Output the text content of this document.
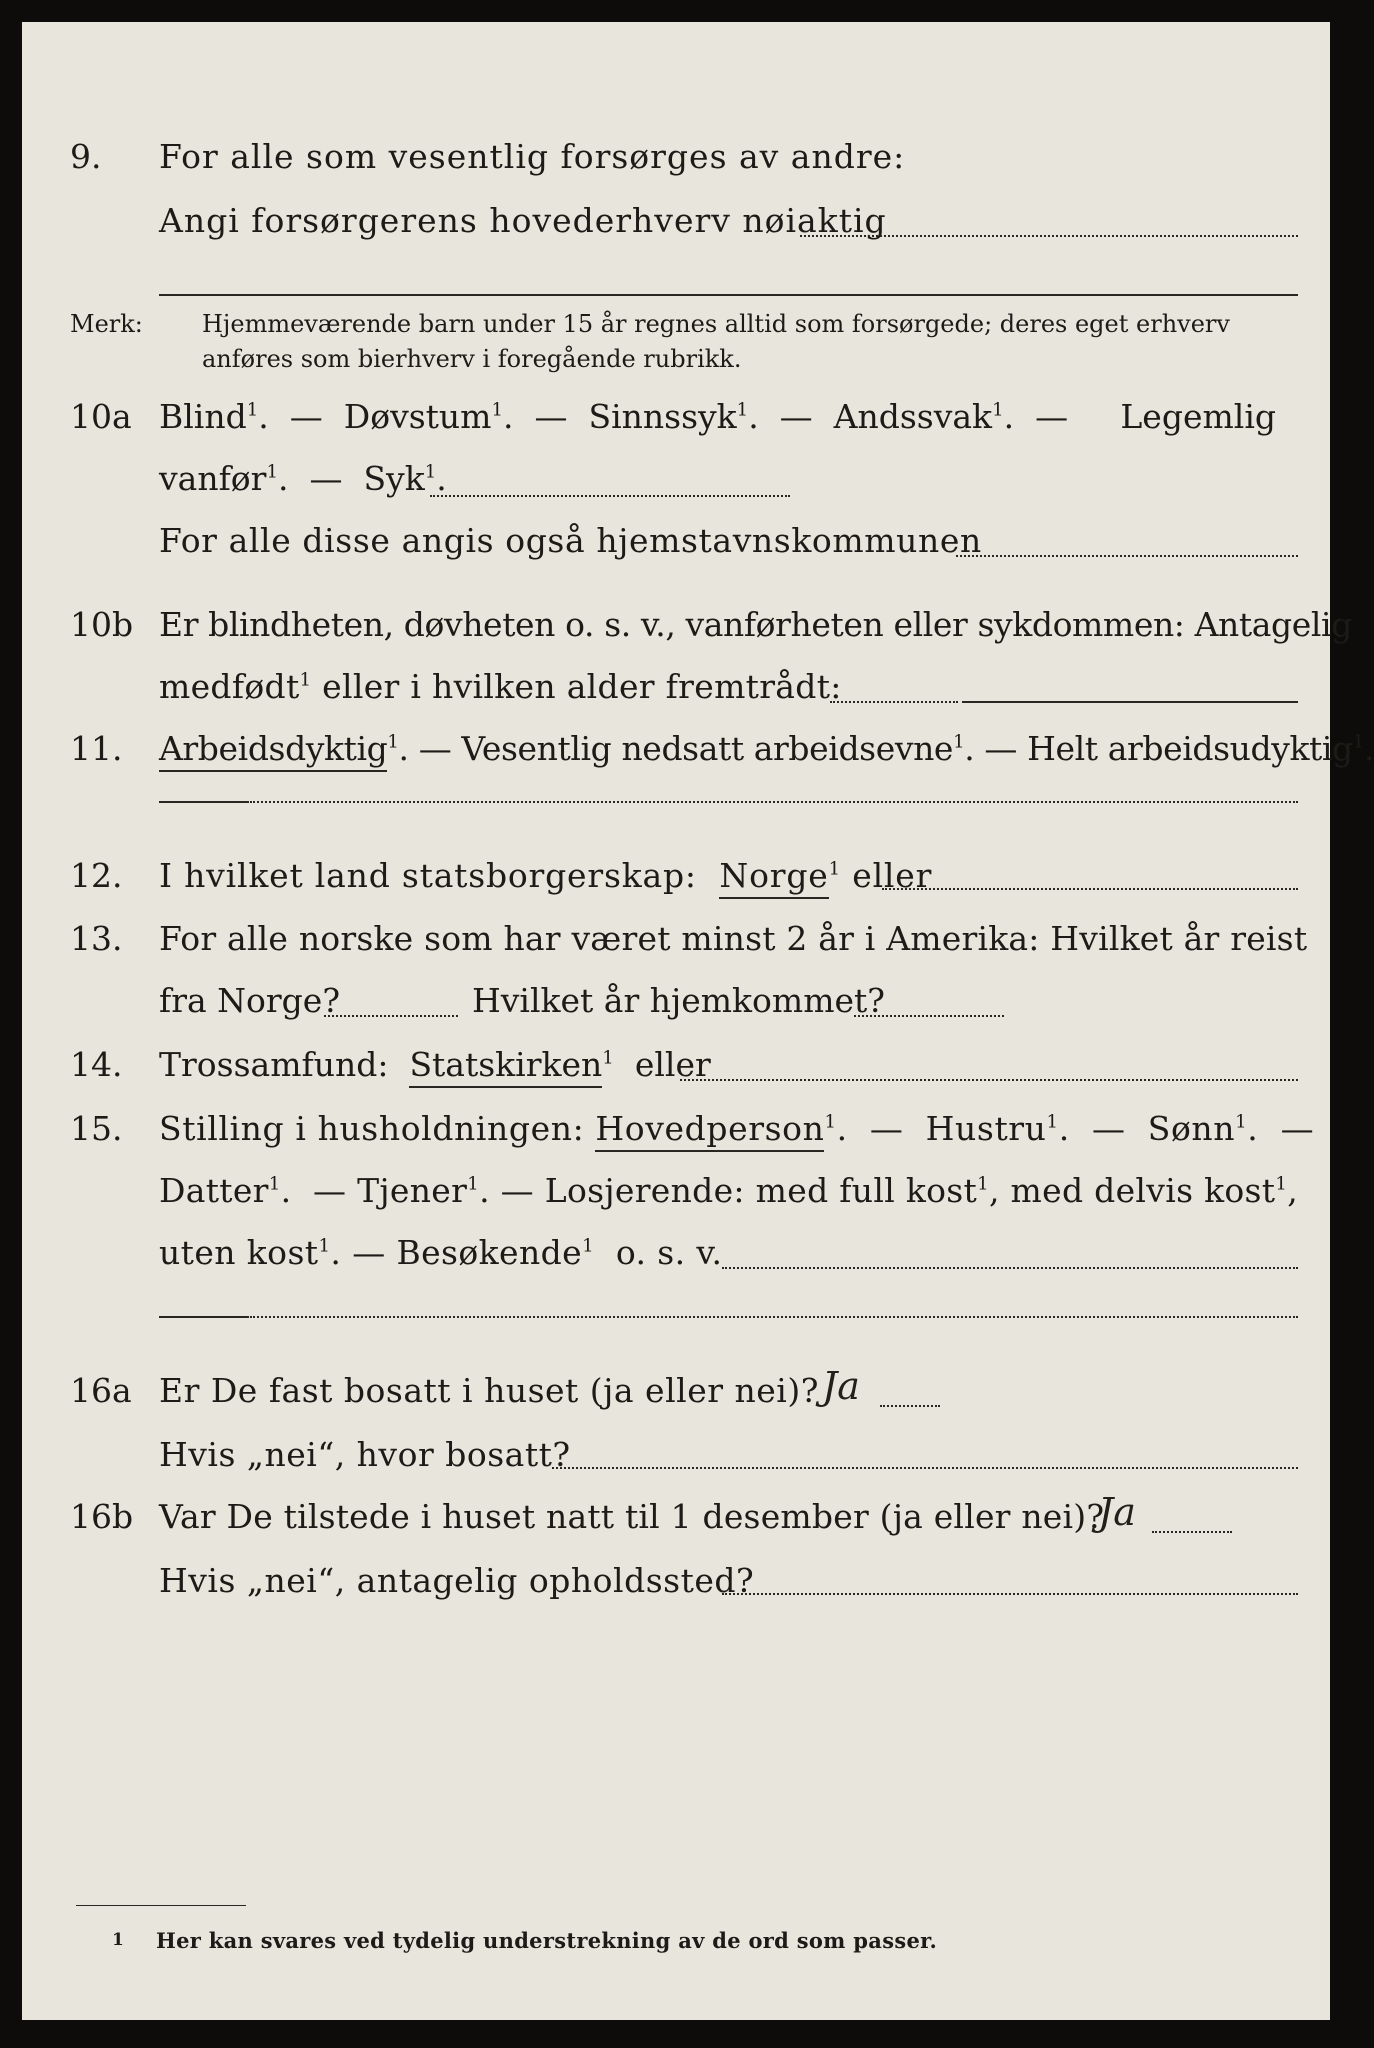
9. For alle som vesentlig forsørges av andre:
Angi forsørgerens hovederhverv nøiaktig
Merk: Hjemmeværende barn under 15 år regnes alltid som forsørgede; deres eget erhverv
anføres som bierhverv i foregående rubrikk.
10a Blind$^1$.  —  Døvstum$^1$.  —  Sinnssyk$^1$.  —  Andssvak$^1$.  — Legemlig
vanfør$^1$.  —  Syk$^1$.
For alle disse angis også hjemstavnskommunen
10b Er blindheten, døvheten o. s. v., vanførheten eller sykdommen: Antagelig
medfødt$^1$ eller i hvilken alder fremtrådt:
11. Arbeidsdyktig$^1$. — Vesentlig nedsatt arbeidsevne$^1$. — Helt arbeidsudyktig$^1$.
12. I hvilket land statsborgerskap: Norge$^1$ eller
13. For alle norske som har været minst 2 år i Amerika: Hvilket år reist
fra Norge?	Hvilket år hjemkommet?
14. Trossamfund: Statskirken$^1$ eller
15. Stilling i husholdningen: Hovedperson$^1$.  —  Hustru$^1$.  —  Sønn$^1$.  —
Datter$^1$.  — Tjener$^1$. — Losjerende: med full kost$^1$, med delvis kost$^1$,
uten kost$^1$. — Besøkende$^1$ o. s. v.
16a Er De fast bosatt i huset (ja eller nei)? Ja
Hvis „nei“, hvor bosatt?
16b Var De tilstede i huset natt til 1 desember (ja eller nei)?
Ja
Hvis „nei“, antagelig opholdssted?
1 Her kan svares ved tydelig understrekning av de ord som passer.
